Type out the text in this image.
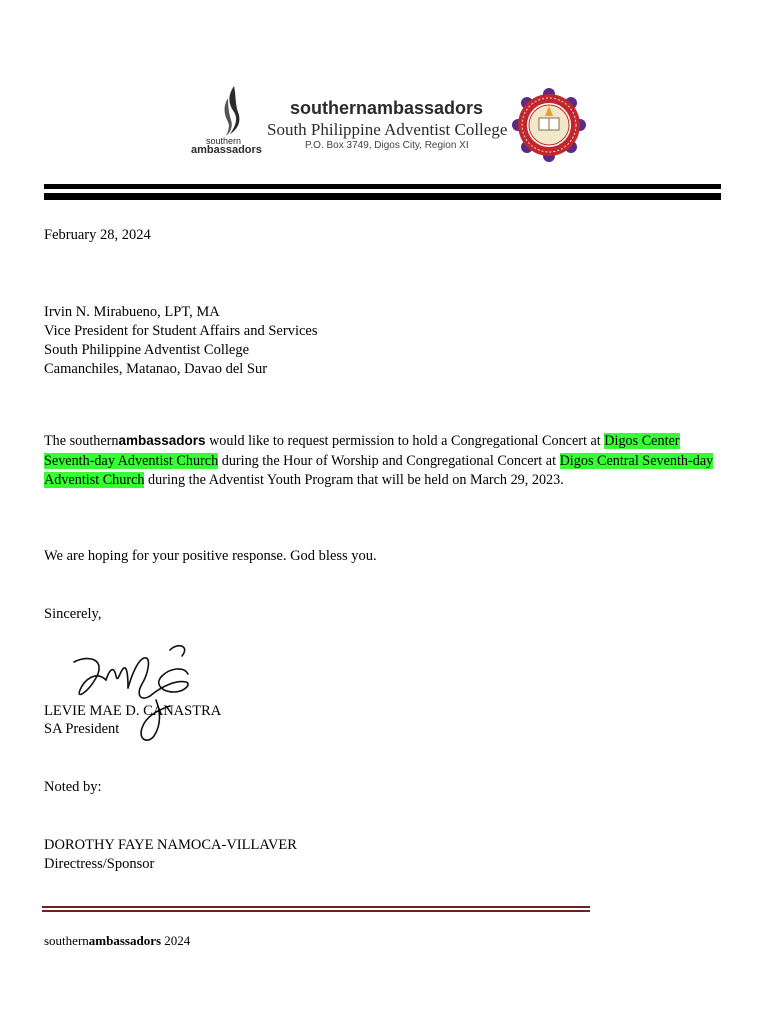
southern
ambassadors
southernambassadors
South Philippine Adventist College
P.O. Box 3749, Digos City, Region XI
February 28, 2024
Irvin N. Mirabueno, LPT, MA
Vice President for Student Affairs and Services
South Philippine Adventist College
Camanchiles, Matanao, Davao del Sur
The southernambassadors would like to request permission to hold a Congregational Concert at Digos Center Seventh-day Adventist Church during the Hour of Worship and Congregational Concert at Digos Central Seventh-day Adventist Church during the Adventist Youth Program that will be held on March 29, 2023.
We are hoping for your positive response. God bless you.
Sincerely,
LEVIE MAE D. CANASTRA
SA President
Noted by:
DOROTHY FAYE NAMOCA-VILLAVER
Directress/Sponsor
southernambassadors 2024
